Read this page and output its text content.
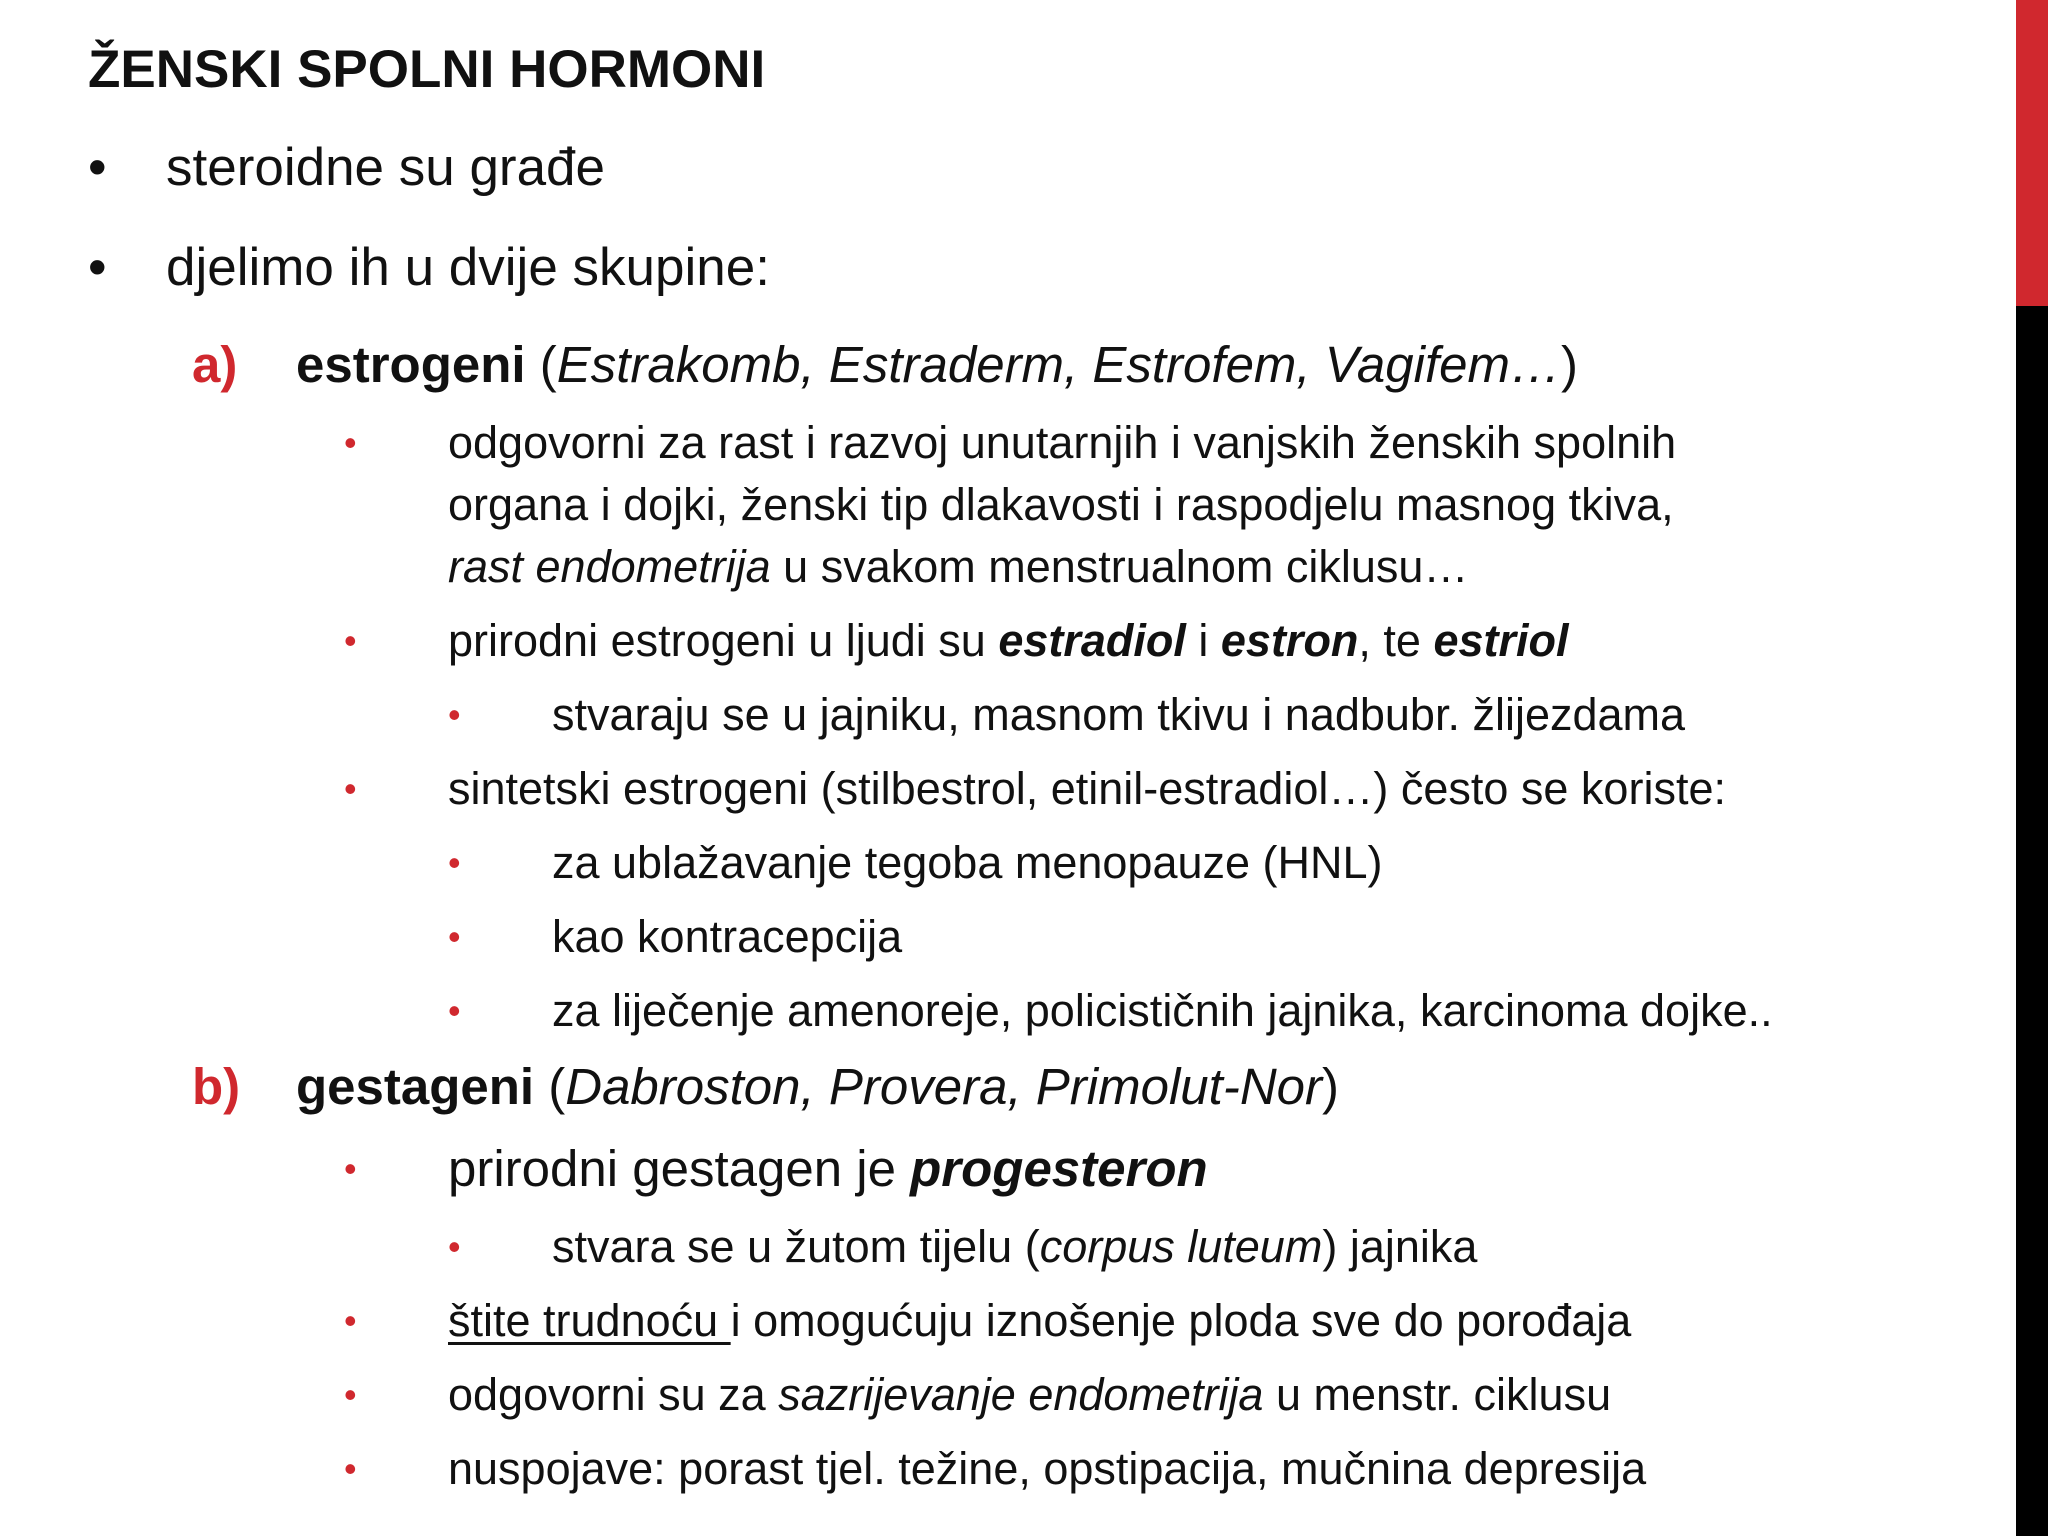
ŽENSKI SPOLNI HORMONI
• steroidne su građe
• djelimo ih u dvije skupine:
a) estrogeni (Estrakomb, Estraderm, Estrofem, Vagifem…)
• odgovorni za rast i razvoj unutarnjih i vanjskih ženskih spolnih
organa i dojki, ženski tip dlakavosti i raspodjelu masnog tkiva,
rast endometrija u svakom menstrualnom ciklusu…
• prirodni estrogeni u ljudi su estradiol i estron, te estriol
• stvaraju se u jajniku, masnom tkivu i nadbubr. žlijezdama
• sintetski estrogeni (stilbestrol, etinil-estradiol…) često se koriste:
• za ublažavanje tegoba menopauze (HNL)
• kao kontracepcija
• za liječenje amenoreje, policističnih jajnika, karcinoma dojke..
b) gestageni (Dabroston, Provera, Primolut-Nor)
• prirodni gestagen je progesteron
• stvara se u žutom tijelu (corpus luteum) jajnika
• štite trudnoću i omogućuju iznošenje ploda sve do porođaja
• odgovorni su za sazrijevanje endometrija u menstr. ciklusu
• nuspojave: porast tjel. težine, opstipacija, mučnina depresija
